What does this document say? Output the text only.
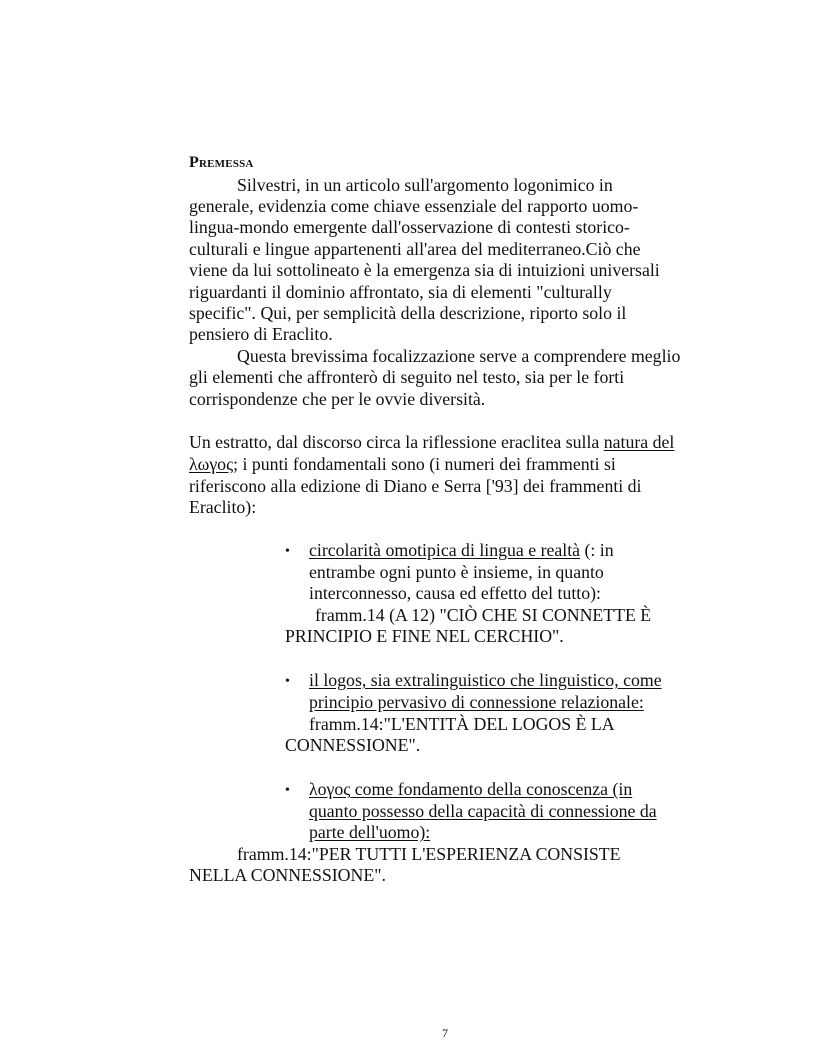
Premessa
Silvestri, in un articolo sull'argomento logonimico in
generale, evidenzia come chiave essenziale del rapporto uomo-
lingua-mondo emergente dall'osservazione di contesti storico-
culturali e lingue appartenenti all'area del mediterraneo.Ciò che
viene da lui sottolineato è la emergenza sia di intuizioni universali
riguardanti il dominio affrontato, sia di elementi "culturally
specific". Qui, per semplicità della descrizione, riporto solo il
pensiero di Eraclito.
Questa brevissima focalizzazione serve a comprendere meglio
gli elementi che affronterò di seguito nel testo, sia per le forti
corrispondenze che per le ovvie diversità.
Un estratto, dal discorso circa la riflessione eraclitea sulla natura del
λωγος; i punti fondamentali sono (i numeri dei frammenti si
riferiscono alla edizione di Diano e Serra ['93] dei frammenti di
Eraclito):
• circolarità omotipica di lingua e realtà (: in
entrambe ogni punto è insieme, in quanto
interconnesso, causa ed effetto del tutto):
framm.14 (A 12) "CIÒ CHE SI CONNETTE È
PRINCIPIO E FINE NEL CERCHIO".
• il logos, sia extralinguistico che linguistico, come
principio pervasivo di connessione relazionale:
framm.14:"L'ENTITÀ DEL LOGOS È LA
CONNESSIONE".
• λογος come fondamento della conoscenza (in
quanto possesso della capacità di connessione da
parte dell'uomo):
framm.14:"PER TUTTI L'ESPERIENZA CONSISTE
NELLA CONNESSIONE".
7
